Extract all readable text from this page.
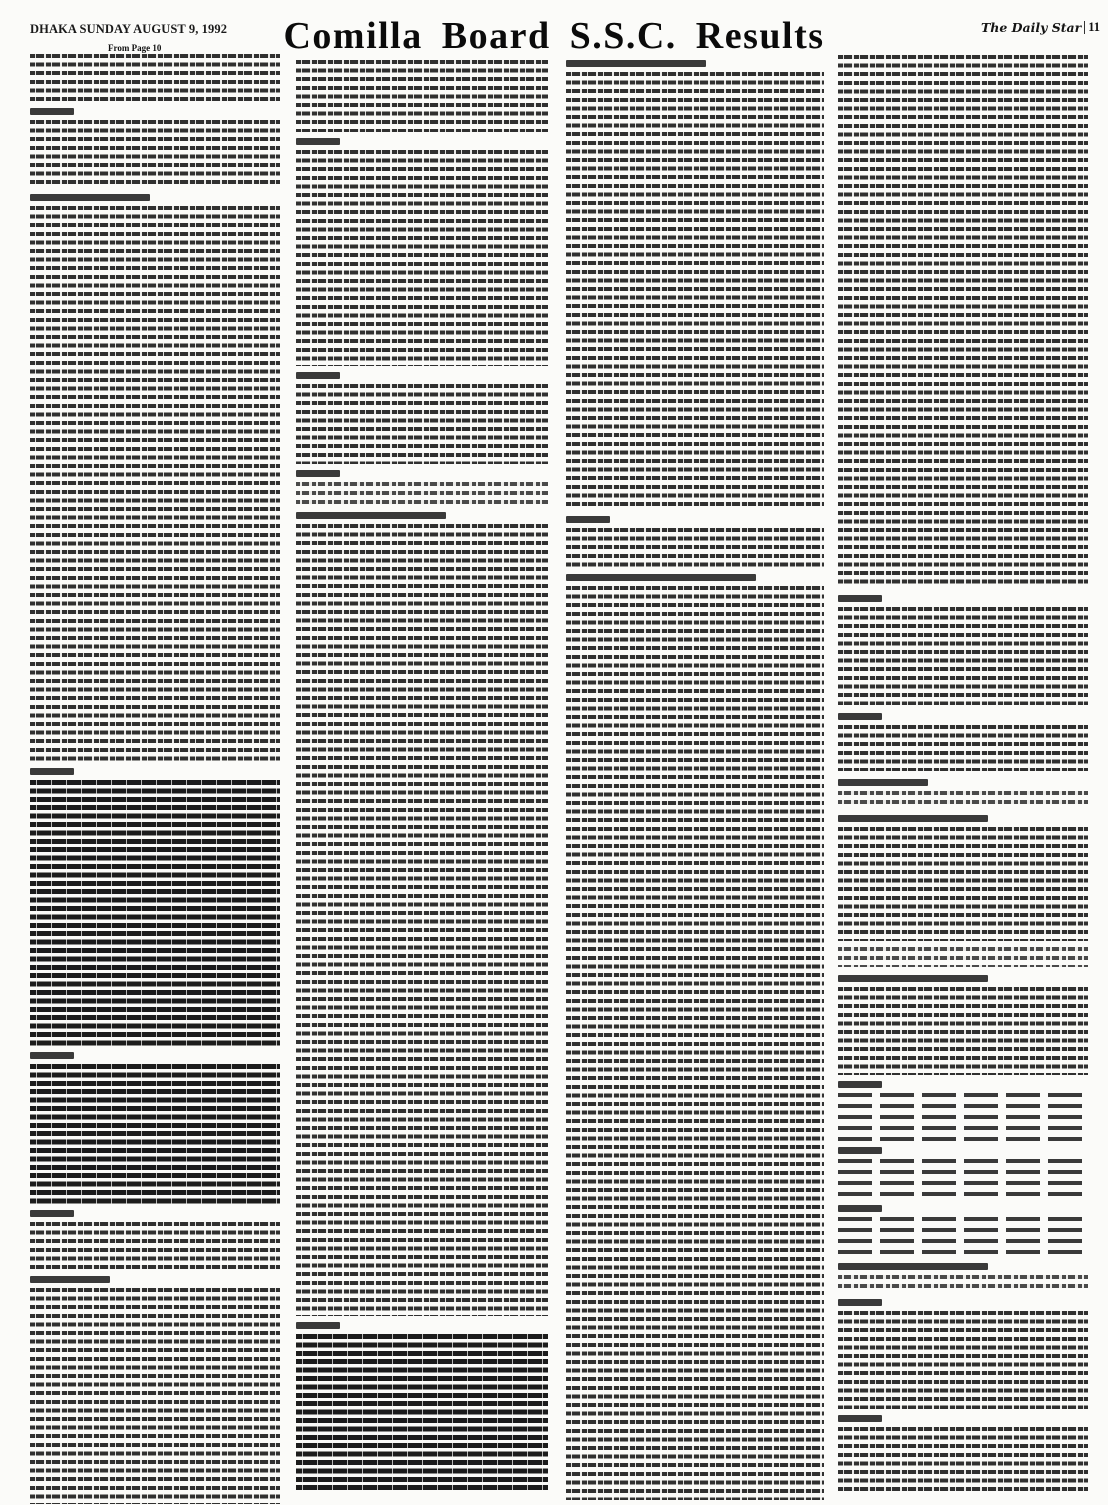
DHAKA SUNDAY AUGUST 9, 1992	Comilla Board S.S.C. Results	The Daily Star 11
From Page 10
